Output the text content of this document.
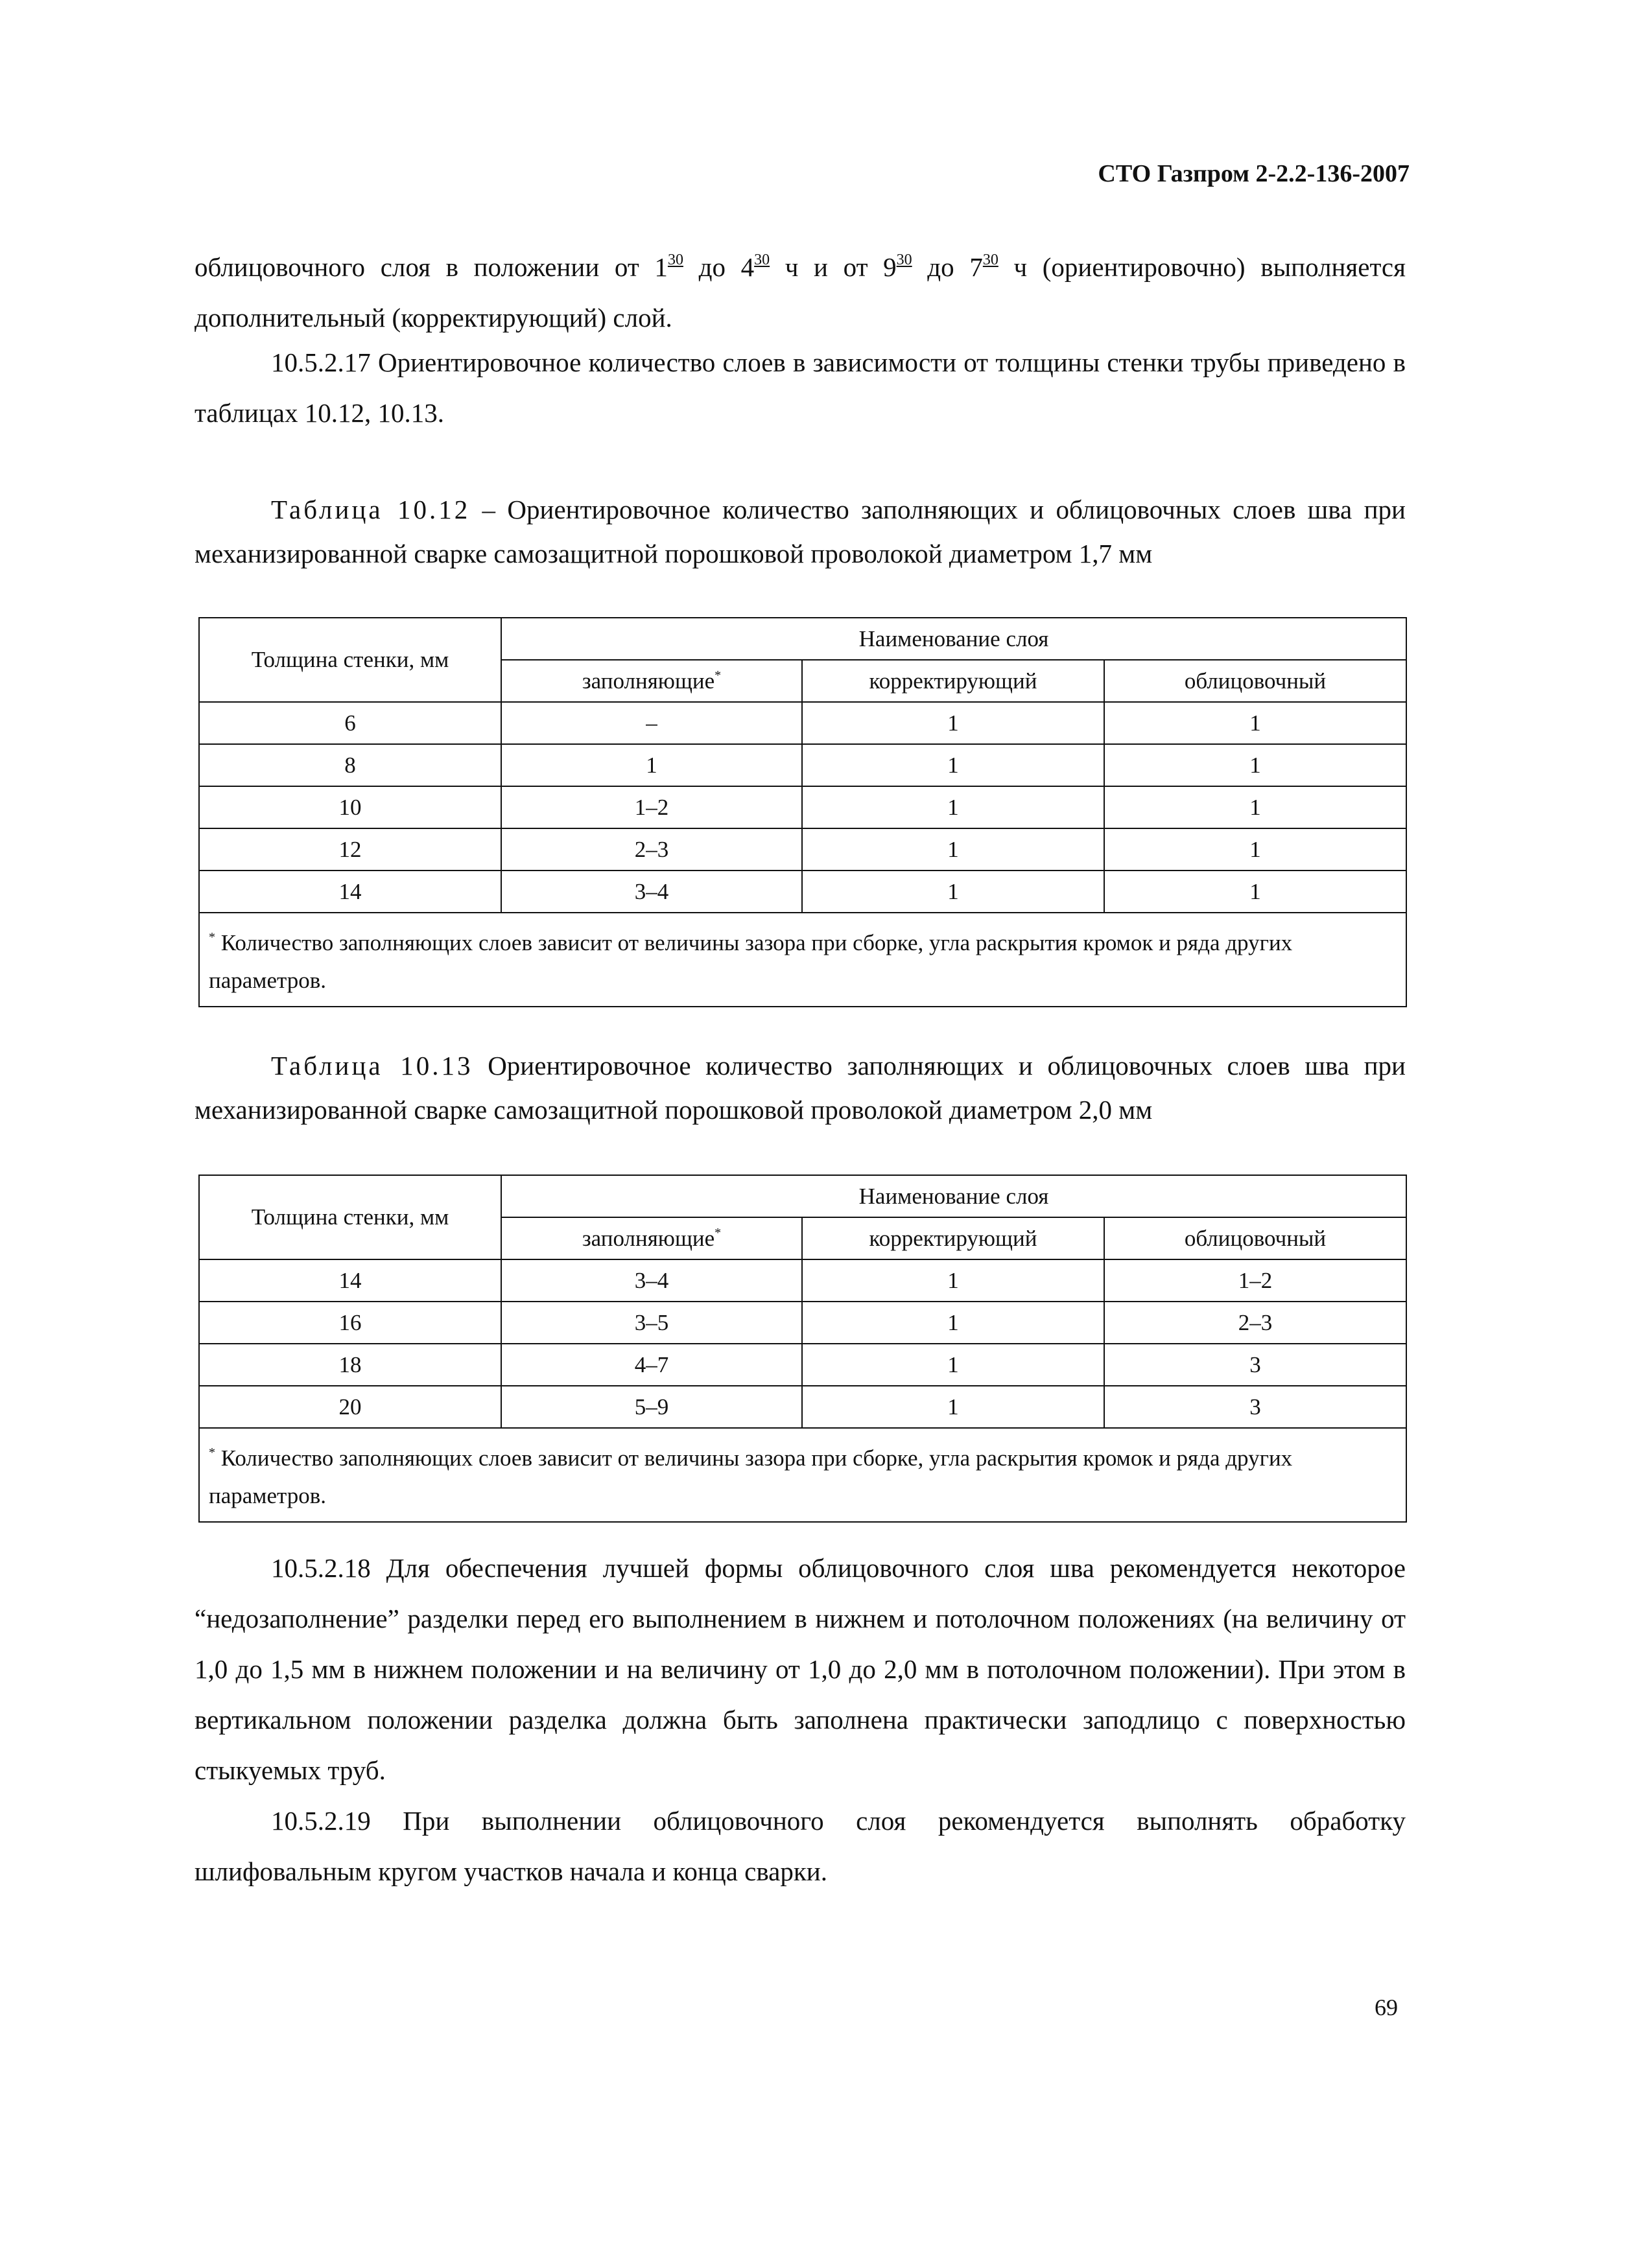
СТО Газпром 2-2.2-136-2007

облицовочного слоя в положении от $1^{30}$ до $4^{30}$ ч и от $9^{30}$ до $7^{30}$ ч (ориентировочно) выполняется дополнительный (корректирующий) слой.

10.5.2.17 Ориентировочное количество слоев в зависимости от толщины стенки трубы приведено в таблицах 10.12, 10.13.

Таблица 10.12 – Ориентировочное количество заполняющих и облицовочных слоев шва при механизированной сварке самозащитной порошковой проволокой диаметром 1,7 мм

Толщина стенки, мм	Наименование слоя		
	заполняющие*	корректирующий	облицовочный
6	–	1	1
8	1	1	1
10	1–2	1	1
12	2–3	1	1
14	3–4	1	1
* Количество заполняющих слоев зависит от величины зазора при сборке, угла раскрытия кромок и ряда других параметров.			

Таблица 10.13 Ориентировочное количество заполняющих и облицовочных слоев шва при механизированной сварке самозащитной порошковой проволокой диаметром 2,0 мм

Толщина стенки, мм	Наименование слоя		
	заполняющие*	корректирующий	облицовочный
14	3–4	1	1–2
16	3–5	1	2–3
18	4–7	1	3
20	5–9	1	3
* Количество заполняющих слоев зависит от величины зазора при сборке, угла раскрытия кромок и ряда других параметров.			

10.5.2.18 Для обеспечения лучшей формы облицовочного слоя шва рекомендуется некоторое “недозаполнение” разделки перед его выполнением в нижнем и потолочном положениях (на величину от 1,0 до 1,5 мм в нижнем положении и на величину от 1,0 до 2,0 мм в потолочном положении). При этом в вертикальном положении разделка должна быть заполнена практически заподлицо с поверхностью стыкуемых труб.

10.5.2.19 При выполнении облицовочного слоя рекомендуется выполнять обработку шлифовальным кругом участков начала и конца сварки.

69
